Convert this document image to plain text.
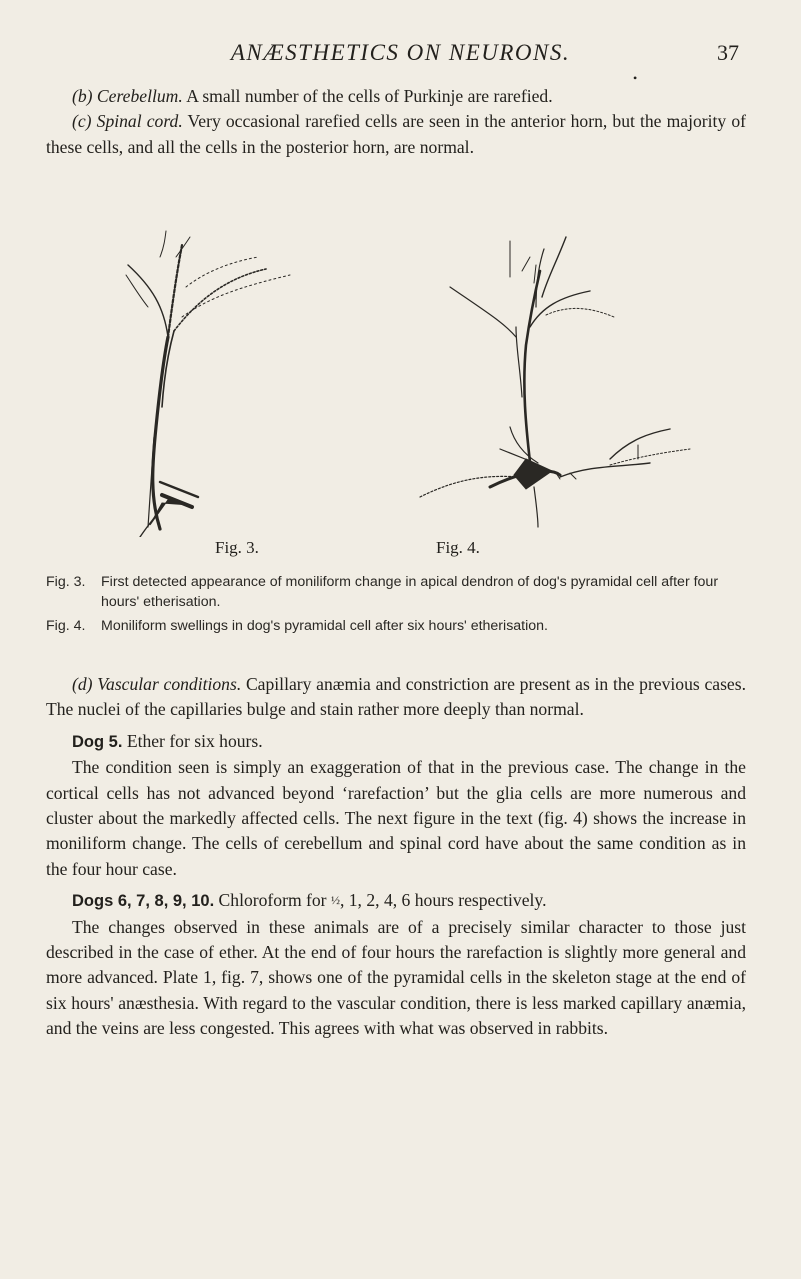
ANÆSTHETICS ON NEURONS.	37
•

(b) Cerebellum. A small number of the cells of Purkinje are rarefied.

(c) Spinal cord. Very occasional rarefied cells are seen in the anterior horn, but the majority of these cells, and all the cells in the posterior horn, are normal.

Fig. 3.	Fig. 4.
Fig. 3.	First detected appearance of moniliform change in apical dendron of dog's pyramidal cell after four hours' etherisation.
Fig. 4.	Moniliform swellings in dog's pyramidal cell after six hours' etherisation.

(d) Vascular conditions. Capillary anæmia and constriction are present as in the previous cases. The nuclei of the capillaries bulge and stain rather more deeply than normal.

Dog 5. Ether for six hours.

The condition seen is simply an exaggeration of that in the previous case. The change in the cortical cells has not advanced beyond ‘rarefaction’ but the glia cells are more numerous and cluster about the markedly affected cells. The next figure in the text (fig. 4) shows the increase in moniliform change. The cells of cerebellum and spinal cord have about the same condition as in the four hour case.

Dogs 6, 7, 8, 9, 10. Chloroform for ½, 1, 2, 4, 6 hours respectively.

The changes observed in these animals are of a precisely similar character to those just described in the case of ether. At the end of four hours the rarefaction is slightly more general and more advanced. Plate 1, fig. 7, shows one of the pyramidal cells in the skeleton stage at the end of six hours' anæsthesia. With regard to the vascular condition, there is less marked capillary anæmia, and the veins are less congested. This agrees with what was observed in rabbits.
